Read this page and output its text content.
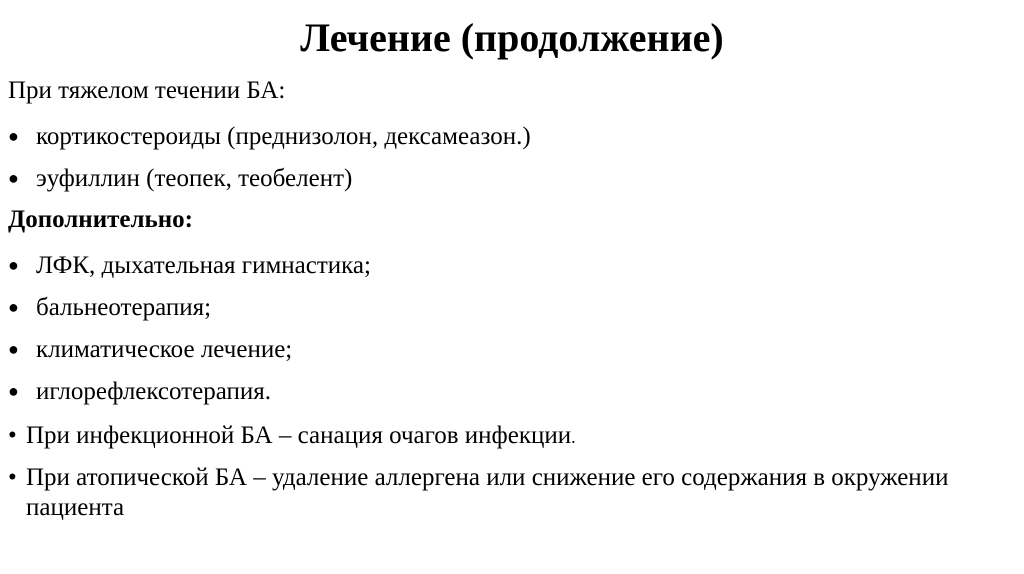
Лечение (продолжение)
При тяжелом течении БА:
● кортикостероиды (преднизолон, дексамеазон.)
● эуфиллин (теопек, теобелент)
Дополнительно:
● ЛФК, дыхательная гимнастика;
● бальнеотерапия;
● климатическое лечение;
● иглорефлексотерапия.
• При инфекционной БА – санация очагов инфекции.
• При атопической БА – удаление аллергена или снижение его содержания в окружении пациента
